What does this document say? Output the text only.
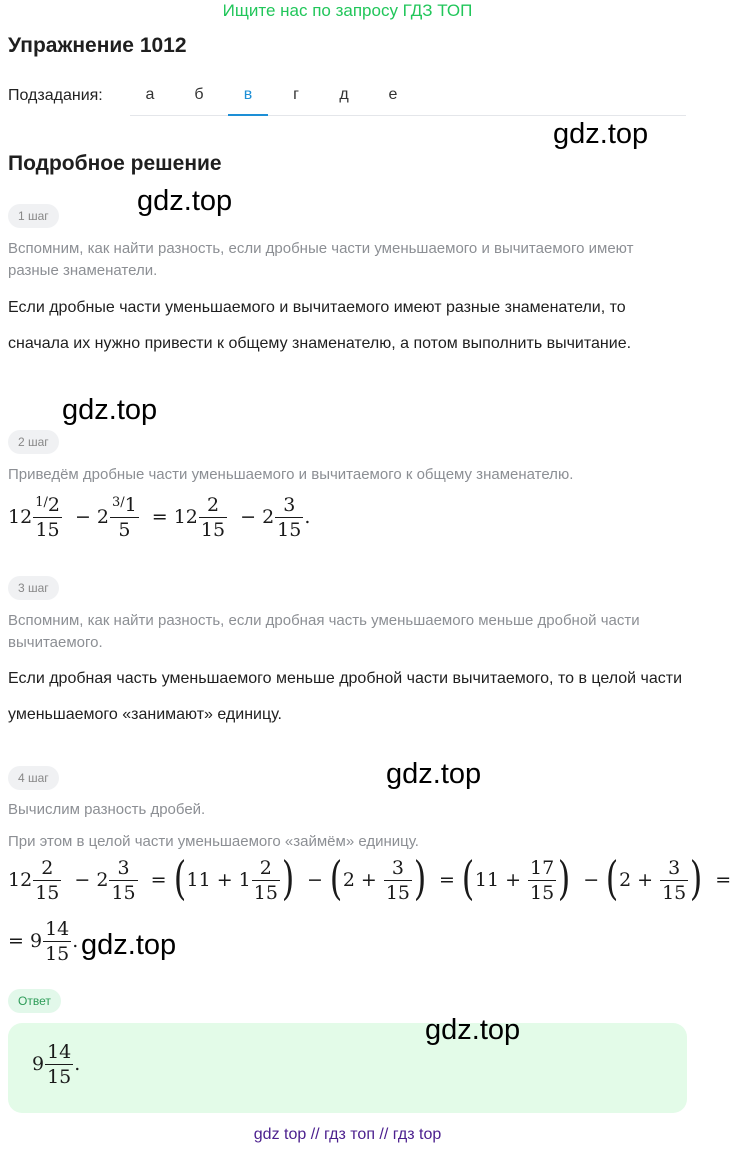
Ищите нас по запросу ГДЗ ТОП
Упражнение 1012
Подзадания:	а	б	в	г	д	е
gdz.top
Подробное решение
gdz.top
1 шаг
Вспомним, как найти разность, если дробные части уменьшаемого и вычитаемого имеют разные знаменатели.
Если дробные части уменьшаемого и вычитаемого имеют разные знаменатели, то сначала их нужно привести к общему знаменателю, а потом выполнить вычитание.
gdz.top
2 шаг
Приведём дробные части уменьшаемого и вычитаемого к общему знаменателю.
$12 \frac{^{1/}2}{15} - 2 \frac{^{3/}1}{5} = 12 \frac{2}{15} - 2 \frac{3}{15}$ .
3 шаг
Вспомним, как найти разность, если дробная часть уменьшаемого меньше дробной части вычитаемого.
Если дробная часть уменьшаемого меньше дробной части вычитаемого, то в целой части уменьшаемого «занимают» единицу.
gdz.top
4 шаг
Вычислим разность дробей.
При этом в целой части уменьшаемого «займём» единицу.
$12 \frac{2}{15} - 2 \frac{3}{15} = (11 + 1 \frac{2}{15}$ ) − ($2 + \frac{3}{15}$ ) = ($11 + \frac{17}{15}$ ) − ($2 + \frac{3}{15}$ ) =
= $9 \frac{14}{15}$ . gdz.top
Ответ
$9 \frac{14}{15}$ .
gdz.top
gdz top // гдз топ // гдз top
